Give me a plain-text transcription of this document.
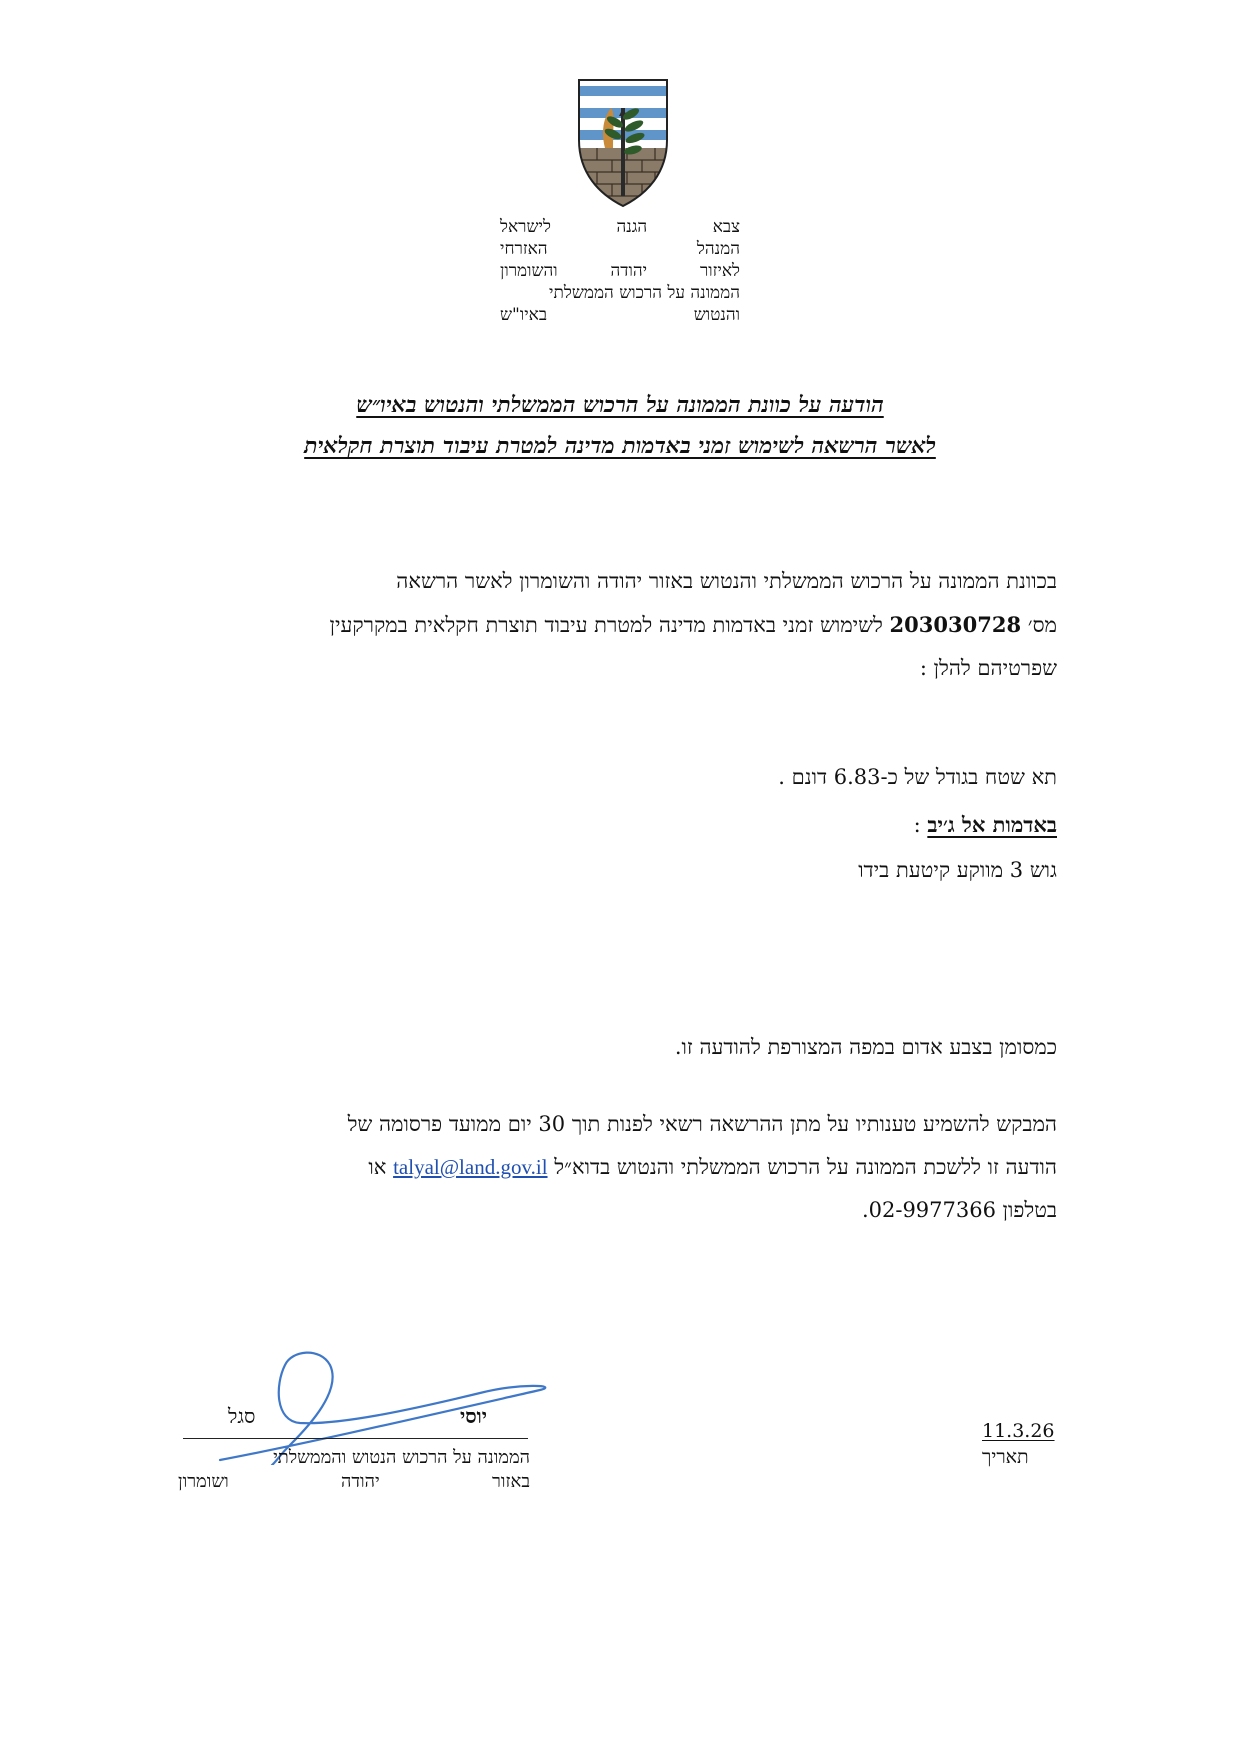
צבא
הגנה
לישראל
המנהל
האזרחי
לאיזור
יהודה
והשומרון
הממונה על הרכוש הממשלתי
והנטוש
באיו"ש
הודעה על כוונת הממונה על הרכוש הממשלתי והנטוש באיו״ש
לאשר הרשאה לשימוש זמני באדמות מדינה למטרת עיבוד תוצרת חקלאית
בכוונת הממונה על הרכוש הממשלתי והנטוש באזור יהודה והשומרון לאשר הרשאה
מס׳ 203030728 לשימוש זמני באדמות מדינה למטרת עיבוד תוצרת חקלאית במקרקעין
שפרטיהם להלן :
תא שטח בגודל של כ-6.83 דונם .
באדמות אל ג׳יב :
גוש 3 מווקע קיטעת בידו
כמסומן בצבע אדום במפה המצורפת להודעה זו.
המבקש להשמיע טענותיו על מתן ההרשאה רשאי לפנות תוך 30 יום ממועד פרסומה של
הודעה זו ללשכת הממונה על הרכוש הממשלתי והנטוש בדוא״ל talyal@land.gov.il או
בטלפון 02-9977366.
יוסי
סגל
הממונה על הרכוש הנטוש והממשלתי
באזור
יהודה
ושומרון
11.3.26
תאריך
